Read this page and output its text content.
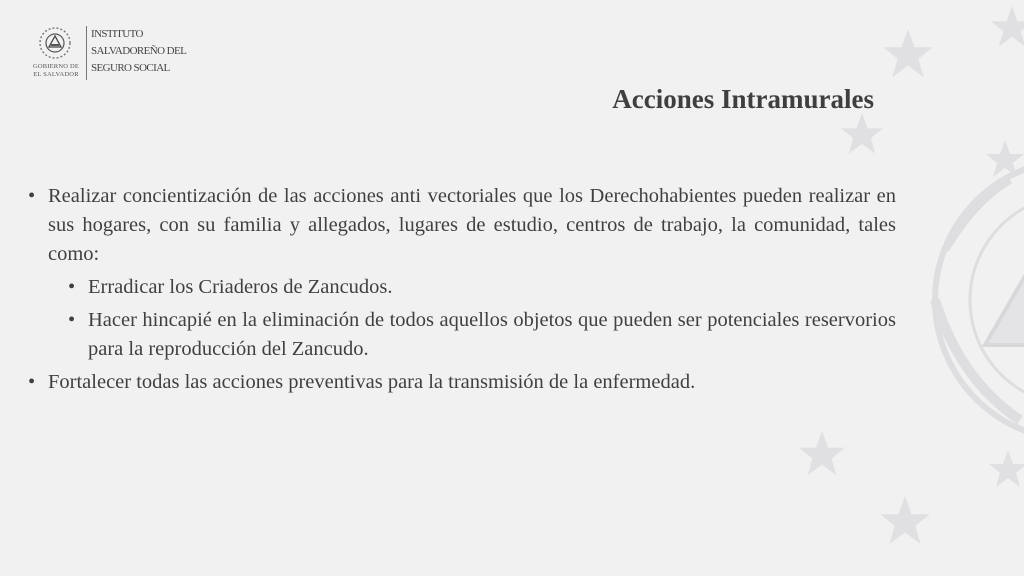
GOBIERNO DE
EL SALVADOR
INSTITUTO
SALVADOREÑO DEL
SEGURO SOCIAL
Acciones Intramurales
• Realizar concientización de las acciones anti vectoriales que los Derechohabientes pueden realizar en sus hogares, con su familia y allegados, lugares de estudio, centros de trabajo, la comunidad, tales como:
• Erradicar los Criaderos de Zancudos.
• Hacer hincapié en la eliminación de todos aquellos objetos que pueden ser potenciales reservorios para la reproducción del Zancudo.
• Fortalecer todas las acciones preventivas para la transmisión de la enfermedad.
